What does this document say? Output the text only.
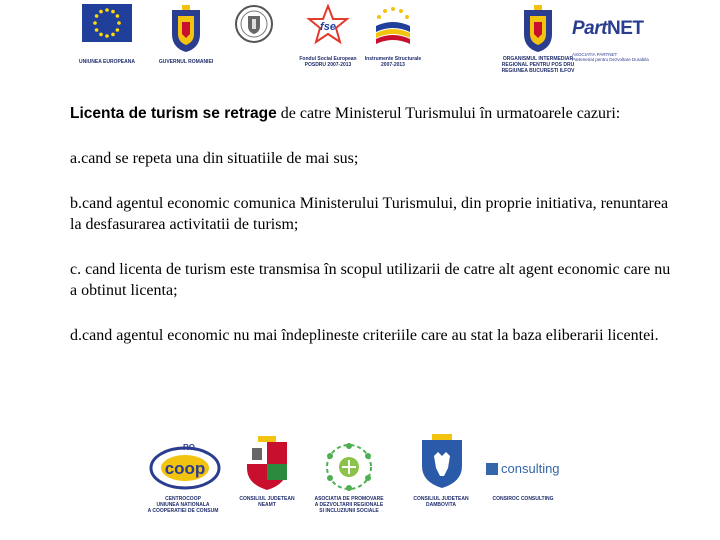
UNIUNEA EUROPEANA	GUVERNUL ROMANIEI
fse
Fondul Social European
POSDRU 2007-2013
Instrumente Structurale
2007-2013
ORGANISMUL INTERMEDIAR
REGIONAL PENTRU POS DRU
REGIUNEA BUCURESTI ILFOV
PartNET
ASOCIATIA PARTNET
Parteneriat pentru Dezvoltare Durabila

Licenta de turism se retrage de catre Ministerul Turismului în urmatoarele cazuri:

a.cand se repeta una din situatiile de mai sus;

b.cand agentul economic comunica Ministerului Turismului, din proprie initiativa, renuntarea la desfasurarea activitatii de turism;

c. cand licenta de turism este transmisa în scopul utilizarii de catre alt agent economic care nu a obtinut licenta;

d.cand agentul economic nu mai îndeplineste criteriile care au stat la baza eliberarii licentei.

RO
coop
CENTROCOOP
UNIUNEA NATIONALA
A COOPERATIEI DE CONSUM
CONSILIUL JUDETEAN
NEAMT
ASOCIATIA DE PROMOVARE
A DEZVOLTARII REGIONALE
SI INCLUZIUNII SOCIALE
CONSILIUL JUDETEAN
DAMBOVITA
consulting
CONSIROC CONSULTING
